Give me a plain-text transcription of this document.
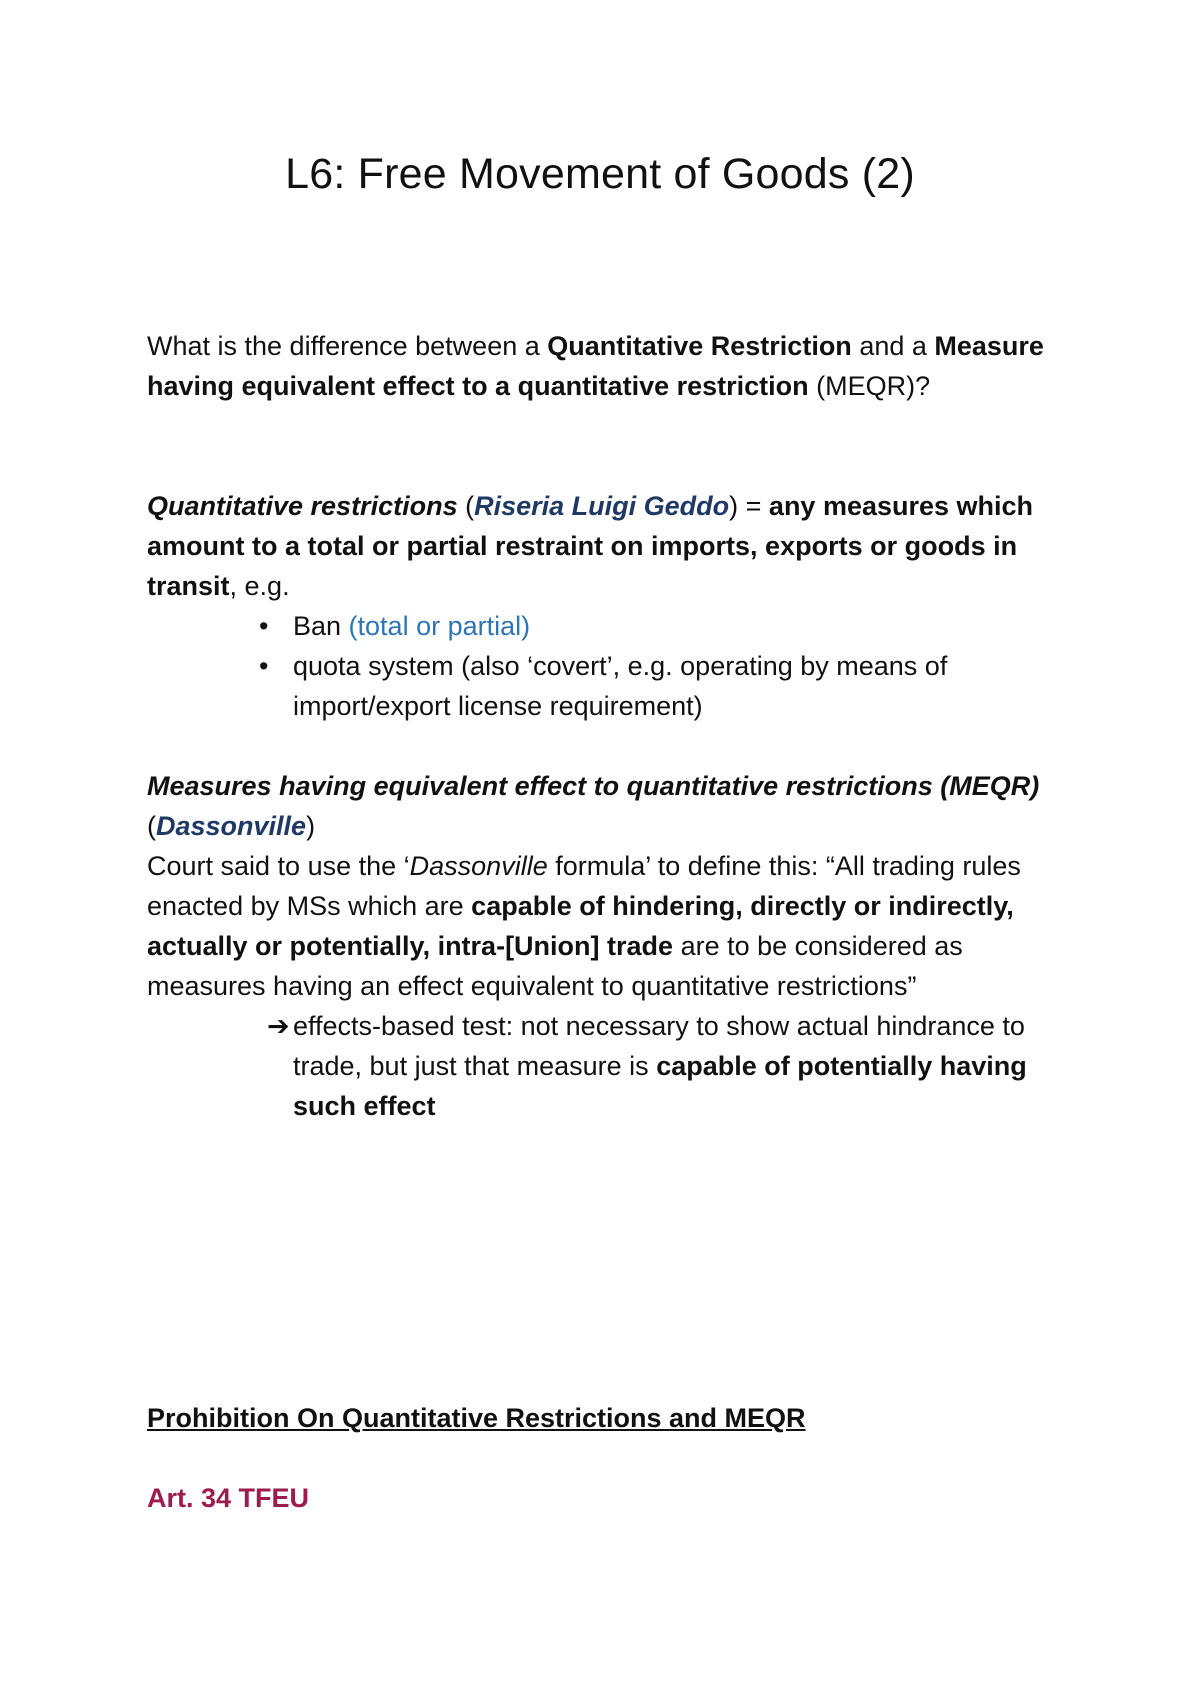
L6: Free Movement of Goods (2)

What is the difference between a Quantitative Restriction and a Measure having equivalent effect to a quantitative restriction (MEQR)?

Quantitative restrictions (Riseria Luigi Geddo) = any measures which amount to a total or partial restraint on imports, exports or goods in transit, e.g.

• Ban (total or partial)
• quota system (also ‘covert’, e.g. operating by means of import/export license requirement)

Measures having equivalent effect to quantitative restrictions (MEQR) (Dassonville)

Court said to use the ‘Dassonville formula’ to define this: “All trading rules enacted by MSs which are capable of hindering, directly or indirectly, actually or potentially, intra-[Union] trade are to be considered as measures having an effect equivalent to quantitative restrictions”

➔ effects-based test: not necessary to show actual hindrance to trade, but just that measure is capable of potentially having such effect

Prohibition On Quantitative Restrictions and MEQR

Art. 34 TFEU
